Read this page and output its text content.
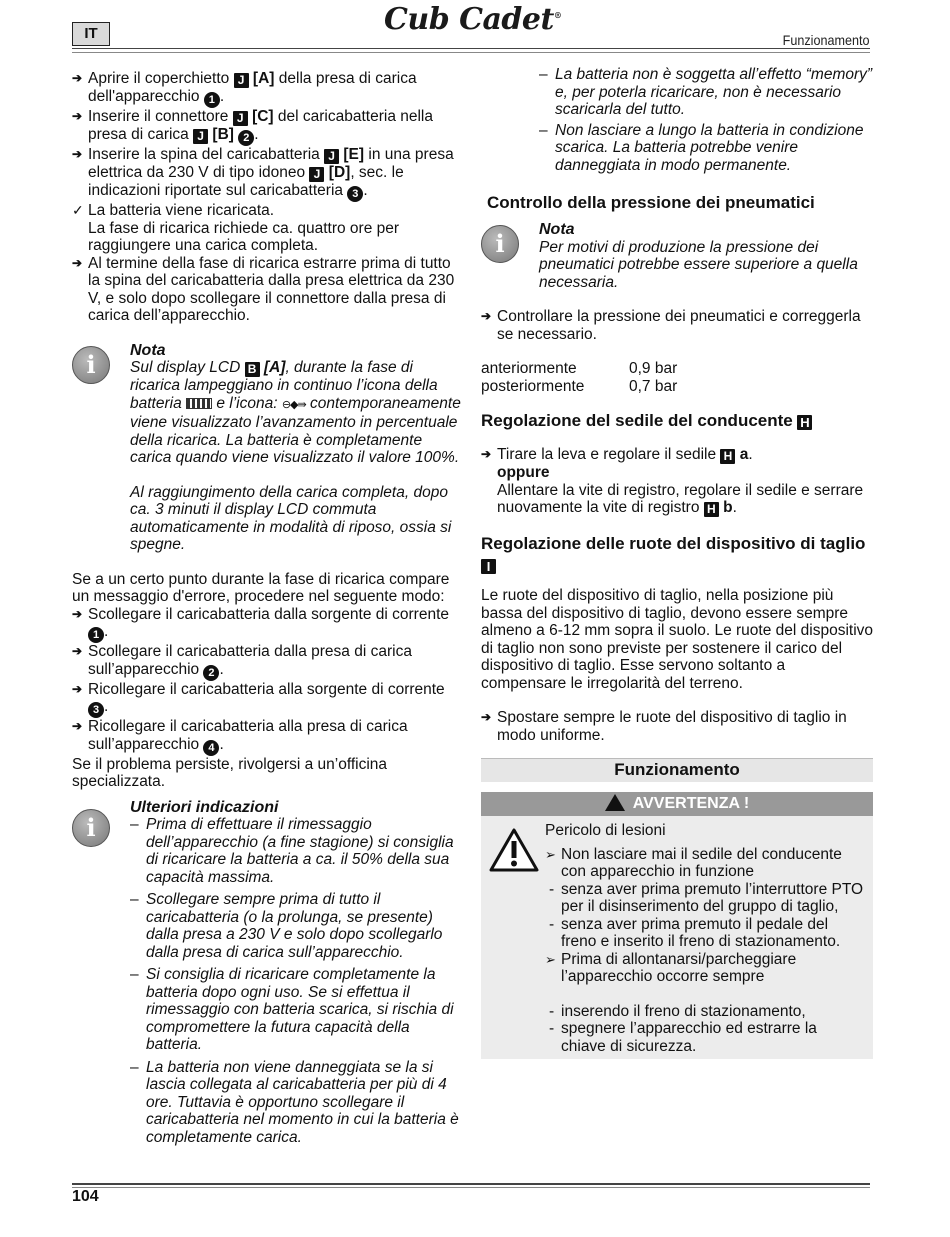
IT	Cub Cadet®
Funzionamento
➔ Aprire il coperchietto J [A] della presa di carica dell'apparecchio 1 .
➔ Inserire il connettore J [C] del caricabatteria nella presa di carica J [B] 2 .
➔ Inserire la spina del caricabatteria J [E] in una presa elettrica da 230 V di tipo idoneo J [D], sec. le indicazioni riportate sul caricabatteria 3 .
✓ La batteria viene ricaricata.
La fase di ricarica richiede ca. quattro ore per raggiungere una carica completa.
➔ Al termine della fase di ricarica estrarre prima di tutto la spina del caricabatteria dalla presa elettrica da 230 V, e solo dopo scollegare il connettore dalla presa di carica dell’apparecchio.
i	Nota
Sul display LCD B [A], durante la fase di ricarica lampeggiano in continuo l’icona della batteria e l’icona: ⊖◆⇛ contemporaneamente viene visualizzato l’avanzamento in percentuale della ricarica. La batteria è completamente carica quando viene visualizzato il valore 100%.
Al raggiungimento della carica completa, dopo ca. 3 minuti il display LCD commuta automaticamente in modalità di riposo, ossia si spegne.
Se a un certo punto durante la fase di ricarica compare un messaggio d'errore, procedere nel seguente modo:
➔ Scollegare il caricabatteria dalla sorgente di corrente 1 .
➔ Scollegare il caricabatteria dalla presa di carica sull’apparecchio 2 .
➔ Ricollegare il caricabatteria alla sorgente di corrente 3 .
➔ Ricollegare il caricabatteria alla presa di carica sull’apparecchio 4 .
Se il problema persiste, rivolgersi a un’officina specializzata.
i
Ulteriori indicazioni
– Prima di effettuare il rimessaggio dell’apparecchio (a fine stagione) si consiglia di ricaricare la batteria a ca. il 50% della sua capacità massima.
– Scollegare sempre prima di tutto il caricabatteria (o la prolunga, se presente) dalla presa a 230 V e solo dopo scollegarlo dalla presa di carica sull’apparecchio.
– Si consiglia di ricaricare completamente la batteria dopo ogni uso. Se si effettua il rimessaggio con batteria scarica, si rischia di compromettere la futura capacità della batteria.
– La batteria non viene danneggiata se la si lascia collegata al caricabatteria per più di 4 ore. Tuttavia è opportuno scollegare il caricabatteria nel momento in cui la batteria è completamente carica.
– La batteria non è soggetta all’effetto “memory” e, per poterla ricaricare, non è necessario scaricarla del tutto.
– Non lasciare a lungo la batteria in condizione scarica. La batteria potrebbe venire danneggiata in modo permanente.
Controllo della pressione dei pneumatici
i	Nota
Per motivi di produzione la pressione dei pneumatici potrebbe essere superiore a quella necessaria.
➔ Controllare la pressione dei pneumatici e correggerla se necessario.
anteriormente	0,9 bar
posteriormente	0,7 bar
Regolazione del sedile del conducente H
➔ Tirare la leva e regolare il sedile H a.
oppure
Allentare la vite di registro, regolare il sedile e serrare nuovamente la vite di registro H b.
Regolazione delle ruote del dispositivo di taglio I
Le ruote del dispositivo di taglio, nella posizione più bassa del dispositivo di taglio, devono essere sempre almeno a 6-12 mm sopra il suolo. Le ruote del dispositivo di taglio non sono previste per sostenere il carico del dispositivo di taglio. Esse servono soltanto a compensare le irregolarità del terreno.
➔ Spostare sempre le ruote del dispositivo di taglio in modo uniforme.
Funzionamento
AVVERTENZA !
Pericolo di lesioni
➢ Non lasciare mai il sedile del conducente con apparecchio in funzione
- senza aver prima premuto l’interruttore PTO per il disinserimento del gruppo di taglio,
- senza aver prima premuto il pedale del freno e inserito il freno di stazionamento.
➢ Prima di allontanarsi/parcheggiare l’apparecchio occorre sempre
- inserendo il freno di stazionamento,
- spegnere l’apparecchio ed estrarre la chiave di sicurezza.
104
